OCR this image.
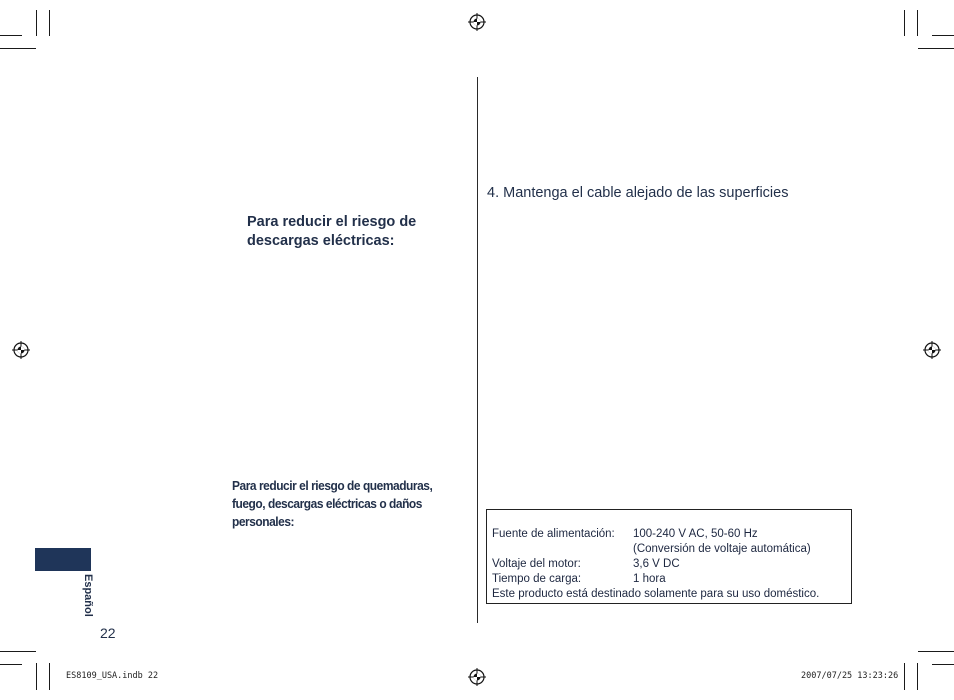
Para reducir el riesgo de descargas eléctricas:
Para reducir el riesgo de quemaduras, fuego, descargas eléctricas o daños personales:
4. Mantenga el cable alejado de las superficies
Fuente de alimentación: 100-240 V AC, 50-60 Hz
(Conversión de voltaje automática)
Voltaje del motor:	3,6 V DC
Tiempo de carga:	1 hora
Este producto está destinado solamente para su uso doméstico.
Español
22
ES8109_USA.indb 22	2007/07/25 13:23:26
